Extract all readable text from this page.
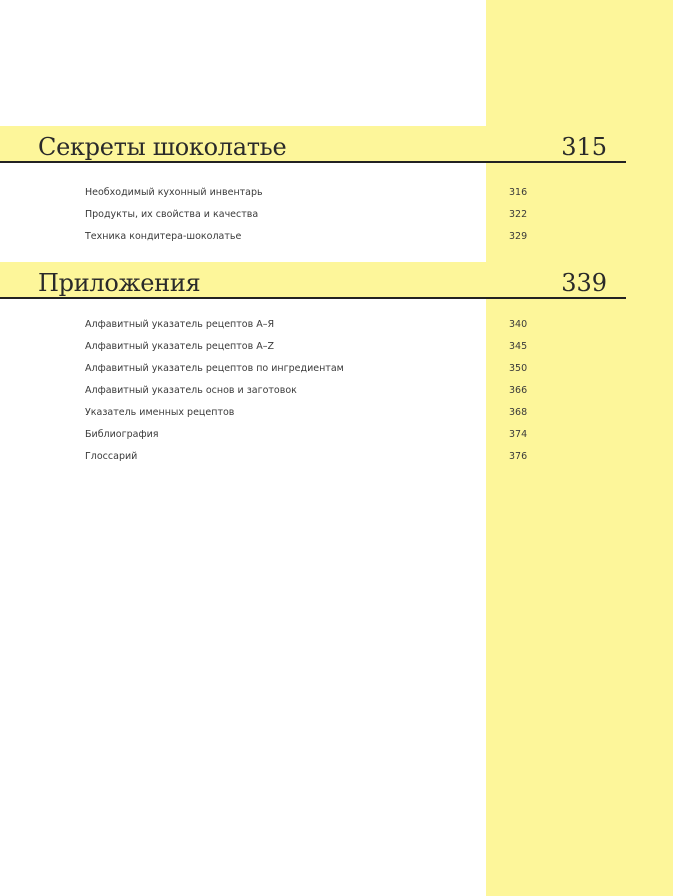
Секреты шоколатье	315
Необходимый кухонный инвентарь	316
Продукты, их свойства и качества	322
Техника кондитера-шоколатье	329
Приложения	339
Алфавитный указатель рецептов А–Я	340
Алфавитный указатель рецептов A–Z	345
Алфавитный указатель рецептов по ингредиентам	350
Алфавитный указатель основ и заготовок	366
Указатель именных рецептов	368
Библиография	374
Глоссарий	376
